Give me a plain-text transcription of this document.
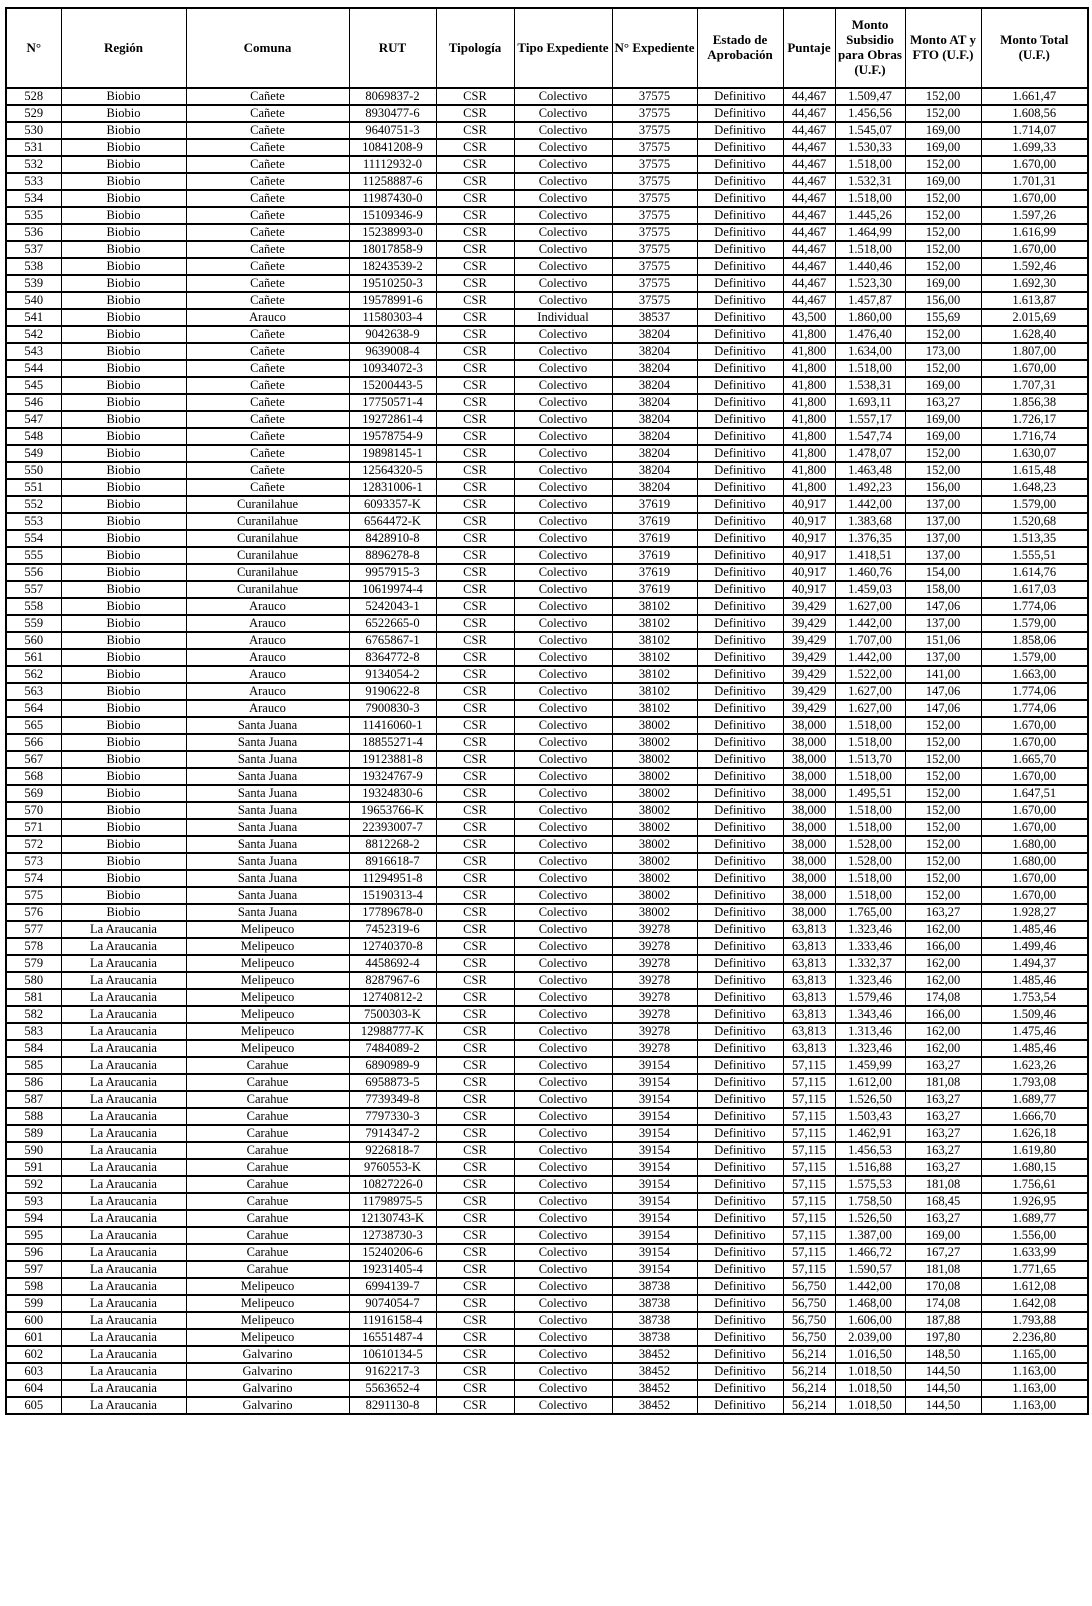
N°	Región	Comuna	RUT	Tipología	Tipo Expediente	N° Expediente	Estado de Aprobación	Puntaje	Monto Subsidio para Obras (U.F.)	Monto AT y FTO (U.F.)	Monto Total (U.F.)
528	Biobio	Cañete	8069837-2	CSR	Colectivo	37575	Definitivo	44,467	1.509,47	152,00	1.661,47
529	Biobio	Cañete	8930477-6	CSR	Colectivo	37575	Definitivo	44,467	1.456,56	152,00	1.608,56
530	Biobio	Cañete	9640751-3	CSR	Colectivo	37575	Definitivo	44,467	1.545,07	169,00	1.714,07
531	Biobio	Cañete	10841208-9	CSR	Colectivo	37575	Definitivo	44,467	1.530,33	169,00	1.699,33
532	Biobio	Cañete	11112932-0	CSR	Colectivo	37575	Definitivo	44,467	1.518,00	152,00	1.670,00
533	Biobio	Cañete	11258887-6	CSR	Colectivo	37575	Definitivo	44,467	1.532,31	169,00	1.701,31
534	Biobio	Cañete	11987430-0	CSR	Colectivo	37575	Definitivo	44,467	1.518,00	152,00	1.670,00
535	Biobio	Cañete	15109346-9	CSR	Colectivo	37575	Definitivo	44,467	1.445,26	152,00	1.597,26
536	Biobio	Cañete	15238993-0	CSR	Colectivo	37575	Definitivo	44,467	1.464,99	152,00	1.616,99
537	Biobio	Cañete	18017858-9	CSR	Colectivo	37575	Definitivo	44,467	1.518,00	152,00	1.670,00
538	Biobio	Cañete	18243539-2	CSR	Colectivo	37575	Definitivo	44,467	1.440,46	152,00	1.592,46
539	Biobio	Cañete	19510250-3	CSR	Colectivo	37575	Definitivo	44,467	1.523,30	169,00	1.692,30
540	Biobio	Cañete	19578991-6	CSR	Colectivo	37575	Definitivo	44,467	1.457,87	156,00	1.613,87
541	Biobio	Arauco	11580303-4	CSR	Individual	38537	Definitivo	43,500	1.860,00	155,69	2.015,69
542	Biobio	Cañete	9042638-9	CSR	Colectivo	38204	Definitivo	41,800	1.476,40	152,00	1.628,40
543	Biobio	Cañete	9639008-4	CSR	Colectivo	38204	Definitivo	41,800	1.634,00	173,00	1.807,00
544	Biobio	Cañete	10934072-3	CSR	Colectivo	38204	Definitivo	41,800	1.518,00	152,00	1.670,00
545	Biobio	Cañete	15200443-5	CSR	Colectivo	38204	Definitivo	41,800	1.538,31	169,00	1.707,31
546	Biobio	Cañete	17750571-4	CSR	Colectivo	38204	Definitivo	41,800	1.693,11	163,27	1.856,38
547	Biobio	Cañete	19272861-4	CSR	Colectivo	38204	Definitivo	41,800	1.557,17	169,00	1.726,17
548	Biobio	Cañete	19578754-9	CSR	Colectivo	38204	Definitivo	41,800	1.547,74	169,00	1.716,74
549	Biobio	Cañete	19898145-1	CSR	Colectivo	38204	Definitivo	41,800	1.478,07	152,00	1.630,07
550	Biobio	Cañete	12564320-5	CSR	Colectivo	38204	Definitivo	41,800	1.463,48	152,00	1.615,48
551	Biobio	Cañete	12831006-1	CSR	Colectivo	38204	Definitivo	41,800	1.492,23	156,00	1.648,23
552	Biobio	Curanilahue	6093357-K	CSR	Colectivo	37619	Definitivo	40,917	1.442,00	137,00	1.579,00
553	Biobio	Curanilahue	6564472-K	CSR	Colectivo	37619	Definitivo	40,917	1.383,68	137,00	1.520,68
554	Biobio	Curanilahue	8428910-8	CSR	Colectivo	37619	Definitivo	40,917	1.376,35	137,00	1.513,35
555	Biobio	Curanilahue	8896278-8	CSR	Colectivo	37619	Definitivo	40,917	1.418,51	137,00	1.555,51
556	Biobio	Curanilahue	9957915-3	CSR	Colectivo	37619	Definitivo	40,917	1.460,76	154,00	1.614,76
557	Biobio	Curanilahue	10619974-4	CSR	Colectivo	37619	Definitivo	40,917	1.459,03	158,00	1.617,03
558	Biobio	Arauco	5242043-1	CSR	Colectivo	38102	Definitivo	39,429	1.627,00	147,06	1.774,06
559	Biobio	Arauco	6522665-0	CSR	Colectivo	38102	Definitivo	39,429	1.442,00	137,00	1.579,00
560	Biobio	Arauco	6765867-1	CSR	Colectivo	38102	Definitivo	39,429	1.707,00	151,06	1.858,06
561	Biobio	Arauco	8364772-8	CSR	Colectivo	38102	Definitivo	39,429	1.442,00	137,00	1.579,00
562	Biobio	Arauco	9134054-2	CSR	Colectivo	38102	Definitivo	39,429	1.522,00	141,00	1.663,00
563	Biobio	Arauco	9190622-8	CSR	Colectivo	38102	Definitivo	39,429	1.627,00	147,06	1.774,06
564	Biobio	Arauco	7900830-3	CSR	Colectivo	38102	Definitivo	39,429	1.627,00	147,06	1.774,06
565	Biobio	Santa Juana	11416060-1	CSR	Colectivo	38002	Definitivo	38,000	1.518,00	152,00	1.670,00
566	Biobio	Santa Juana	18855271-4	CSR	Colectivo	38002	Definitivo	38,000	1.518,00	152,00	1.670,00
567	Biobio	Santa Juana	19123881-8	CSR	Colectivo	38002	Definitivo	38,000	1.513,70	152,00	1.665,70
568	Biobio	Santa Juana	19324767-9	CSR	Colectivo	38002	Definitivo	38,000	1.518,00	152,00	1.670,00
569	Biobio	Santa Juana	19324830-6	CSR	Colectivo	38002	Definitivo	38,000	1.495,51	152,00	1.647,51
570	Biobio	Santa Juana	19653766-K	CSR	Colectivo	38002	Definitivo	38,000	1.518,00	152,00	1.670,00
571	Biobio	Santa Juana	22393007-7	CSR	Colectivo	38002	Definitivo	38,000	1.518,00	152,00	1.670,00
572	Biobio	Santa Juana	8812268-2	CSR	Colectivo	38002	Definitivo	38,000	1.528,00	152,00	1.680,00
573	Biobio	Santa Juana	8916618-7	CSR	Colectivo	38002	Definitivo	38,000	1.528,00	152,00	1.680,00
574	Biobio	Santa Juana	11294951-8	CSR	Colectivo	38002	Definitivo	38,000	1.518,00	152,00	1.670,00
575	Biobio	Santa Juana	15190313-4	CSR	Colectivo	38002	Definitivo	38,000	1.518,00	152,00	1.670,00
576	Biobio	Santa Juana	17789678-0	CSR	Colectivo	38002	Definitivo	38,000	1.765,00	163,27	1.928,27
577	La Araucania	Melipeuco	7452319-6	CSR	Colectivo	39278	Definitivo	63,813	1.323,46	162,00	1.485,46
578	La Araucania	Melipeuco	12740370-8	CSR	Colectivo	39278	Definitivo	63,813	1.333,46	166,00	1.499,46
579	La Araucania	Melipeuco	4458692-4	CSR	Colectivo	39278	Definitivo	63,813	1.332,37	162,00	1.494,37
580	La Araucania	Melipeuco	8287967-6	CSR	Colectivo	39278	Definitivo	63,813	1.323,46	162,00	1.485,46
581	La Araucania	Melipeuco	12740812-2	CSR	Colectivo	39278	Definitivo	63,813	1.579,46	174,08	1.753,54
582	La Araucania	Melipeuco	7500303-K	CSR	Colectivo	39278	Definitivo	63,813	1.343,46	166,00	1.509,46
583	La Araucania	Melipeuco	12988777-K	CSR	Colectivo	39278	Definitivo	63,813	1.313,46	162,00	1.475,46
584	La Araucania	Melipeuco	7484089-2	CSR	Colectivo	39278	Definitivo	63,813	1.323,46	162,00	1.485,46
585	La Araucania	Carahue	6890989-9	CSR	Colectivo	39154	Definitivo	57,115	1.459,99	163,27	1.623,26
586	La Araucania	Carahue	6958873-5	CSR	Colectivo	39154	Definitivo	57,115	1.612,00	181,08	1.793,08
587	La Araucania	Carahue	7739349-8	CSR	Colectivo	39154	Definitivo	57,115	1.526,50	163,27	1.689,77
588	La Araucania	Carahue	7797330-3	CSR	Colectivo	39154	Definitivo	57,115	1.503,43	163,27	1.666,70
589	La Araucania	Carahue	7914347-2	CSR	Colectivo	39154	Definitivo	57,115	1.462,91	163,27	1.626,18
590	La Araucania	Carahue	9226818-7	CSR	Colectivo	39154	Definitivo	57,115	1.456,53	163,27	1.619,80
591	La Araucania	Carahue	9760553-K	CSR	Colectivo	39154	Definitivo	57,115	1.516,88	163,27	1.680,15
592	La Araucania	Carahue	10827226-0	CSR	Colectivo	39154	Definitivo	57,115	1.575,53	181,08	1.756,61
593	La Araucania	Carahue	11798975-5	CSR	Colectivo	39154	Definitivo	57,115	1.758,50	168,45	1.926,95
594	La Araucania	Carahue	12130743-K	CSR	Colectivo	39154	Definitivo	57,115	1.526,50	163,27	1.689,77
595	La Araucania	Carahue	12738730-3	CSR	Colectivo	39154	Definitivo	57,115	1.387,00	169,00	1.556,00
596	La Araucania	Carahue	15240206-6	CSR	Colectivo	39154	Definitivo	57,115	1.466,72	167,27	1.633,99
597	La Araucania	Carahue	19231405-4	CSR	Colectivo	39154	Definitivo	57,115	1.590,57	181,08	1.771,65
598	La Araucania	Melipeuco	6994139-7	CSR	Colectivo	38738	Definitivo	56,750	1.442,00	170,08	1.612,08
599	La Araucania	Melipeuco	9074054-7	CSR	Colectivo	38738	Definitivo	56,750	1.468,00	174,08	1.642,08
600	La Araucania	Melipeuco	11916158-4	CSR	Colectivo	38738	Definitivo	56,750	1.606,00	187,88	1.793,88
601	La Araucania	Melipeuco	16551487-4	CSR	Colectivo	38738	Definitivo	56,750	2.039,00	197,80	2.236,80
602	La Araucania	Galvarino	10610134-5	CSR	Colectivo	38452	Definitivo	56,214	1.016,50	148,50	1.165,00
603	La Araucania	Galvarino	9162217-3	CSR	Colectivo	38452	Definitivo	56,214	1.018,50	144,50	1.163,00
604	La Araucania	Galvarino	5563652-4	CSR	Colectivo	38452	Definitivo	56,214	1.018,50	144,50	1.163,00
605	La Araucania	Galvarino	8291130-8	CSR	Colectivo	38452	Definitivo	56,214	1.018,50	144,50	1.163,00
